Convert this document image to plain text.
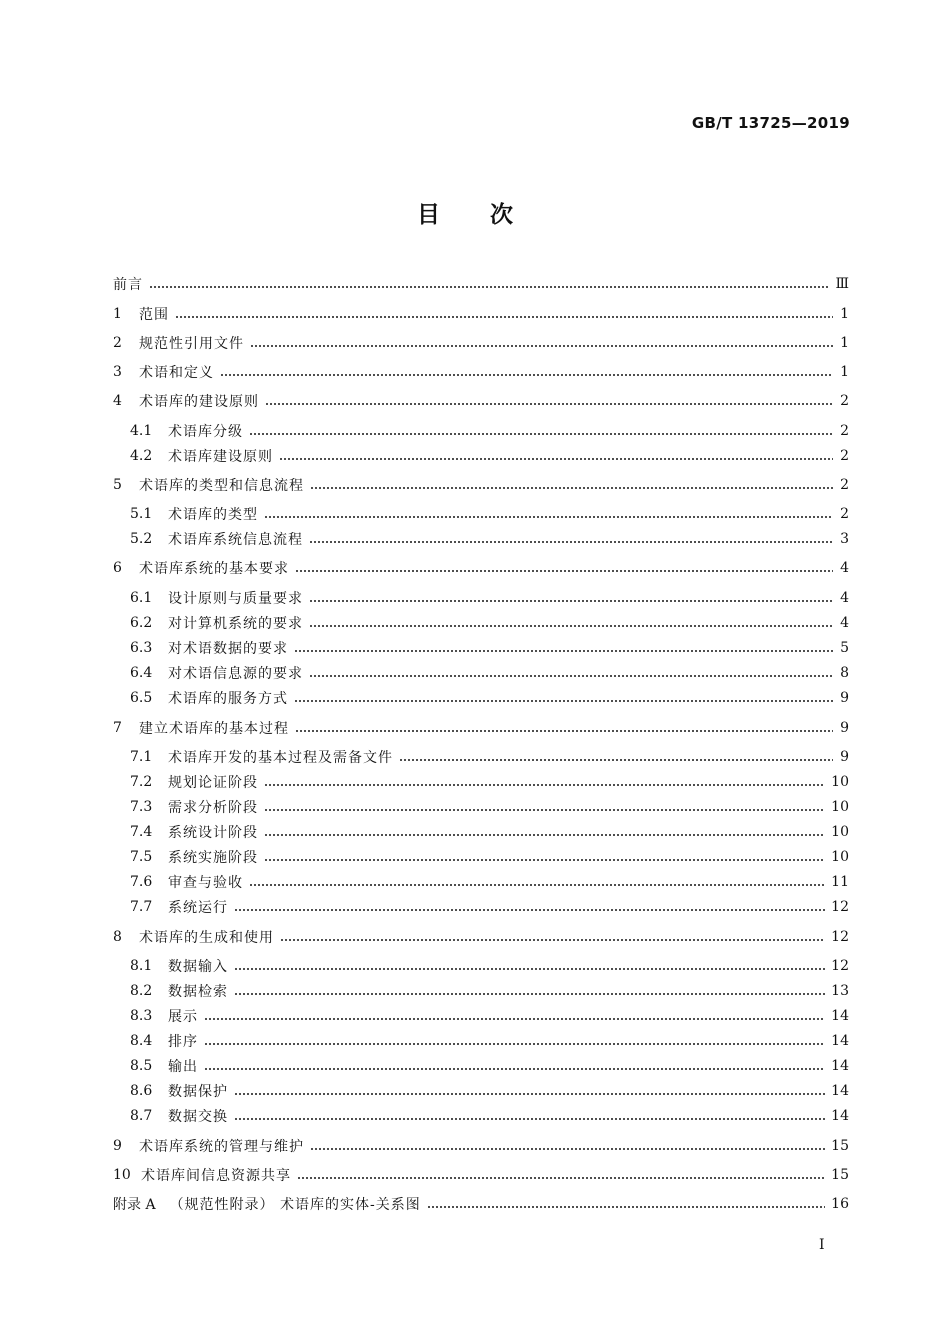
GB/T 13725—2019
目次
前言	Ⅲ
1	范围	1
2	规范性引用文件	1
3	术语和定义	1
4	术语库的建设原则	2
4.1	术语库分级	2
4.2	术语库建设原则	2
5	术语库的类型和信息流程	2
5.1	术语库的类型	2
5.2	术语库系统信息流程	3
6	术语库系统的基本要求	4
6.1	设计原则与质量要求	4
6.2	对计算机系统的要求	4
6.3	对术语数据的要求	5
6.4	对术语信息源的要求	8
6.5	术语库的服务方式	9
7	建立术语库的基本过程	9
7.1	术语库开发的基本过程及需备文件	9
7.2	规划论证阶段	10
7.3	需求分析阶段	10
7.4	系统设计阶段	10
7.5	系统实施阶段	10
7.6	审查与验收	11
7.7	系统运行	12
8	术语库的生成和使用	12
8.1	数据输入	12
8.2	数据检索	13
8.3	展示	14
8.4	排序	14
8.5	输出	14
8.6	数据保护	14
8.7	数据交换	14
9	术语库系统的管理与维护	15
10 术语库间信息资源共享	15
附录 A （规范性附录） 术语库的实体-关系图	16
I
